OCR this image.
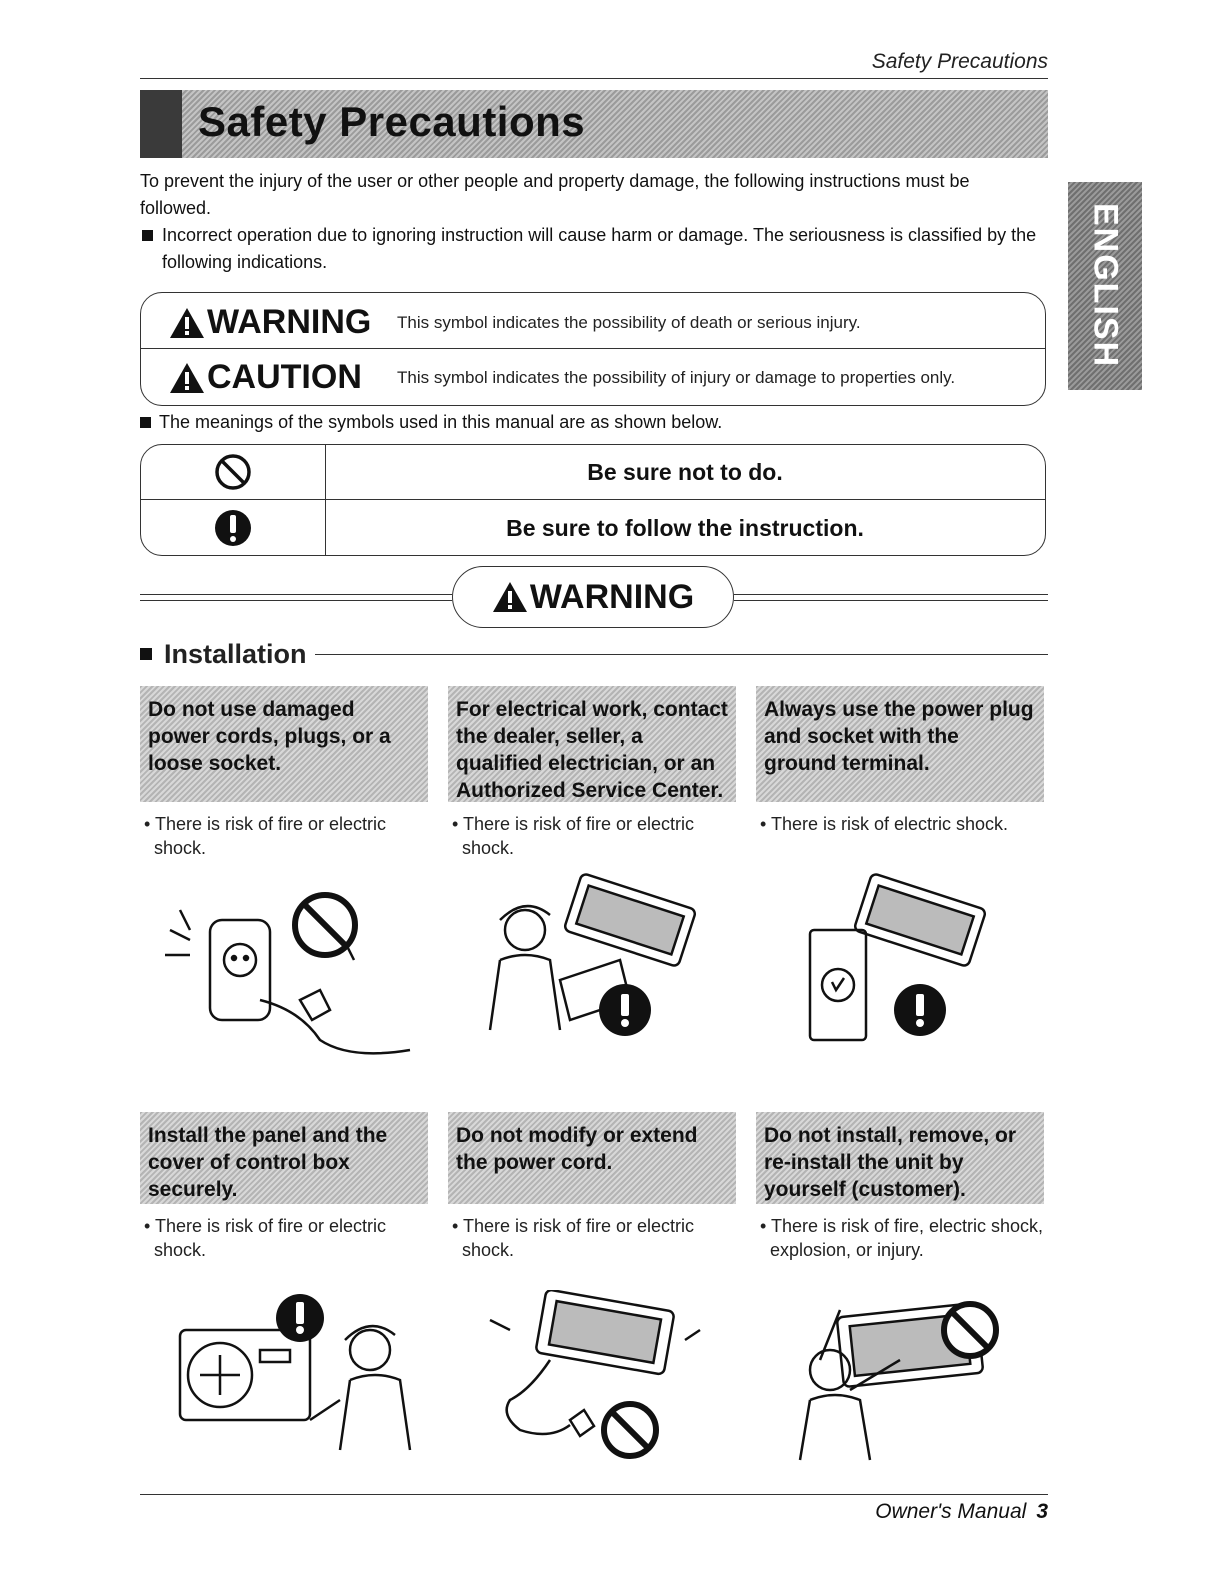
Safety Precautions
Safety Precautions
ENGLISH

To prevent the injury of the user or other people and property damage, the following instructions must be followed.

Incorrect operation due to ignoring instruction will cause harm or damage. The seriousness is classified by the following indications.

WARNING This symbol indicates the possibility of death or serious injury.
CAUTION This symbol indicates the possibility of injury or damage to properties only.
The meanings of the symbols used in this manual are as shown below.
Be sure not to do.
Be sure to follow the instruction.
WARNING
Installation
Do not use damaged power cords, plugs, or a loose socket.
• There is risk of fire or electric shock.
For electrical work, contact the dealer, seller, a qualified electrician, or an Authorized Service Center.
• There is risk of fire or electric shock.
Always use the power plug and socket with the ground terminal.
• There is risk of electric shock.
Install the panel and the cover of control box securely.
• There is risk of fire or electric shock.
Do not modify or extend the power cord.
• There is risk of fire or electric shock.
Do not install, remove, or re-install the unit by yourself (customer).
• There is risk of fire, electric shock, explosion, or injury.
Owner's Manual 3
